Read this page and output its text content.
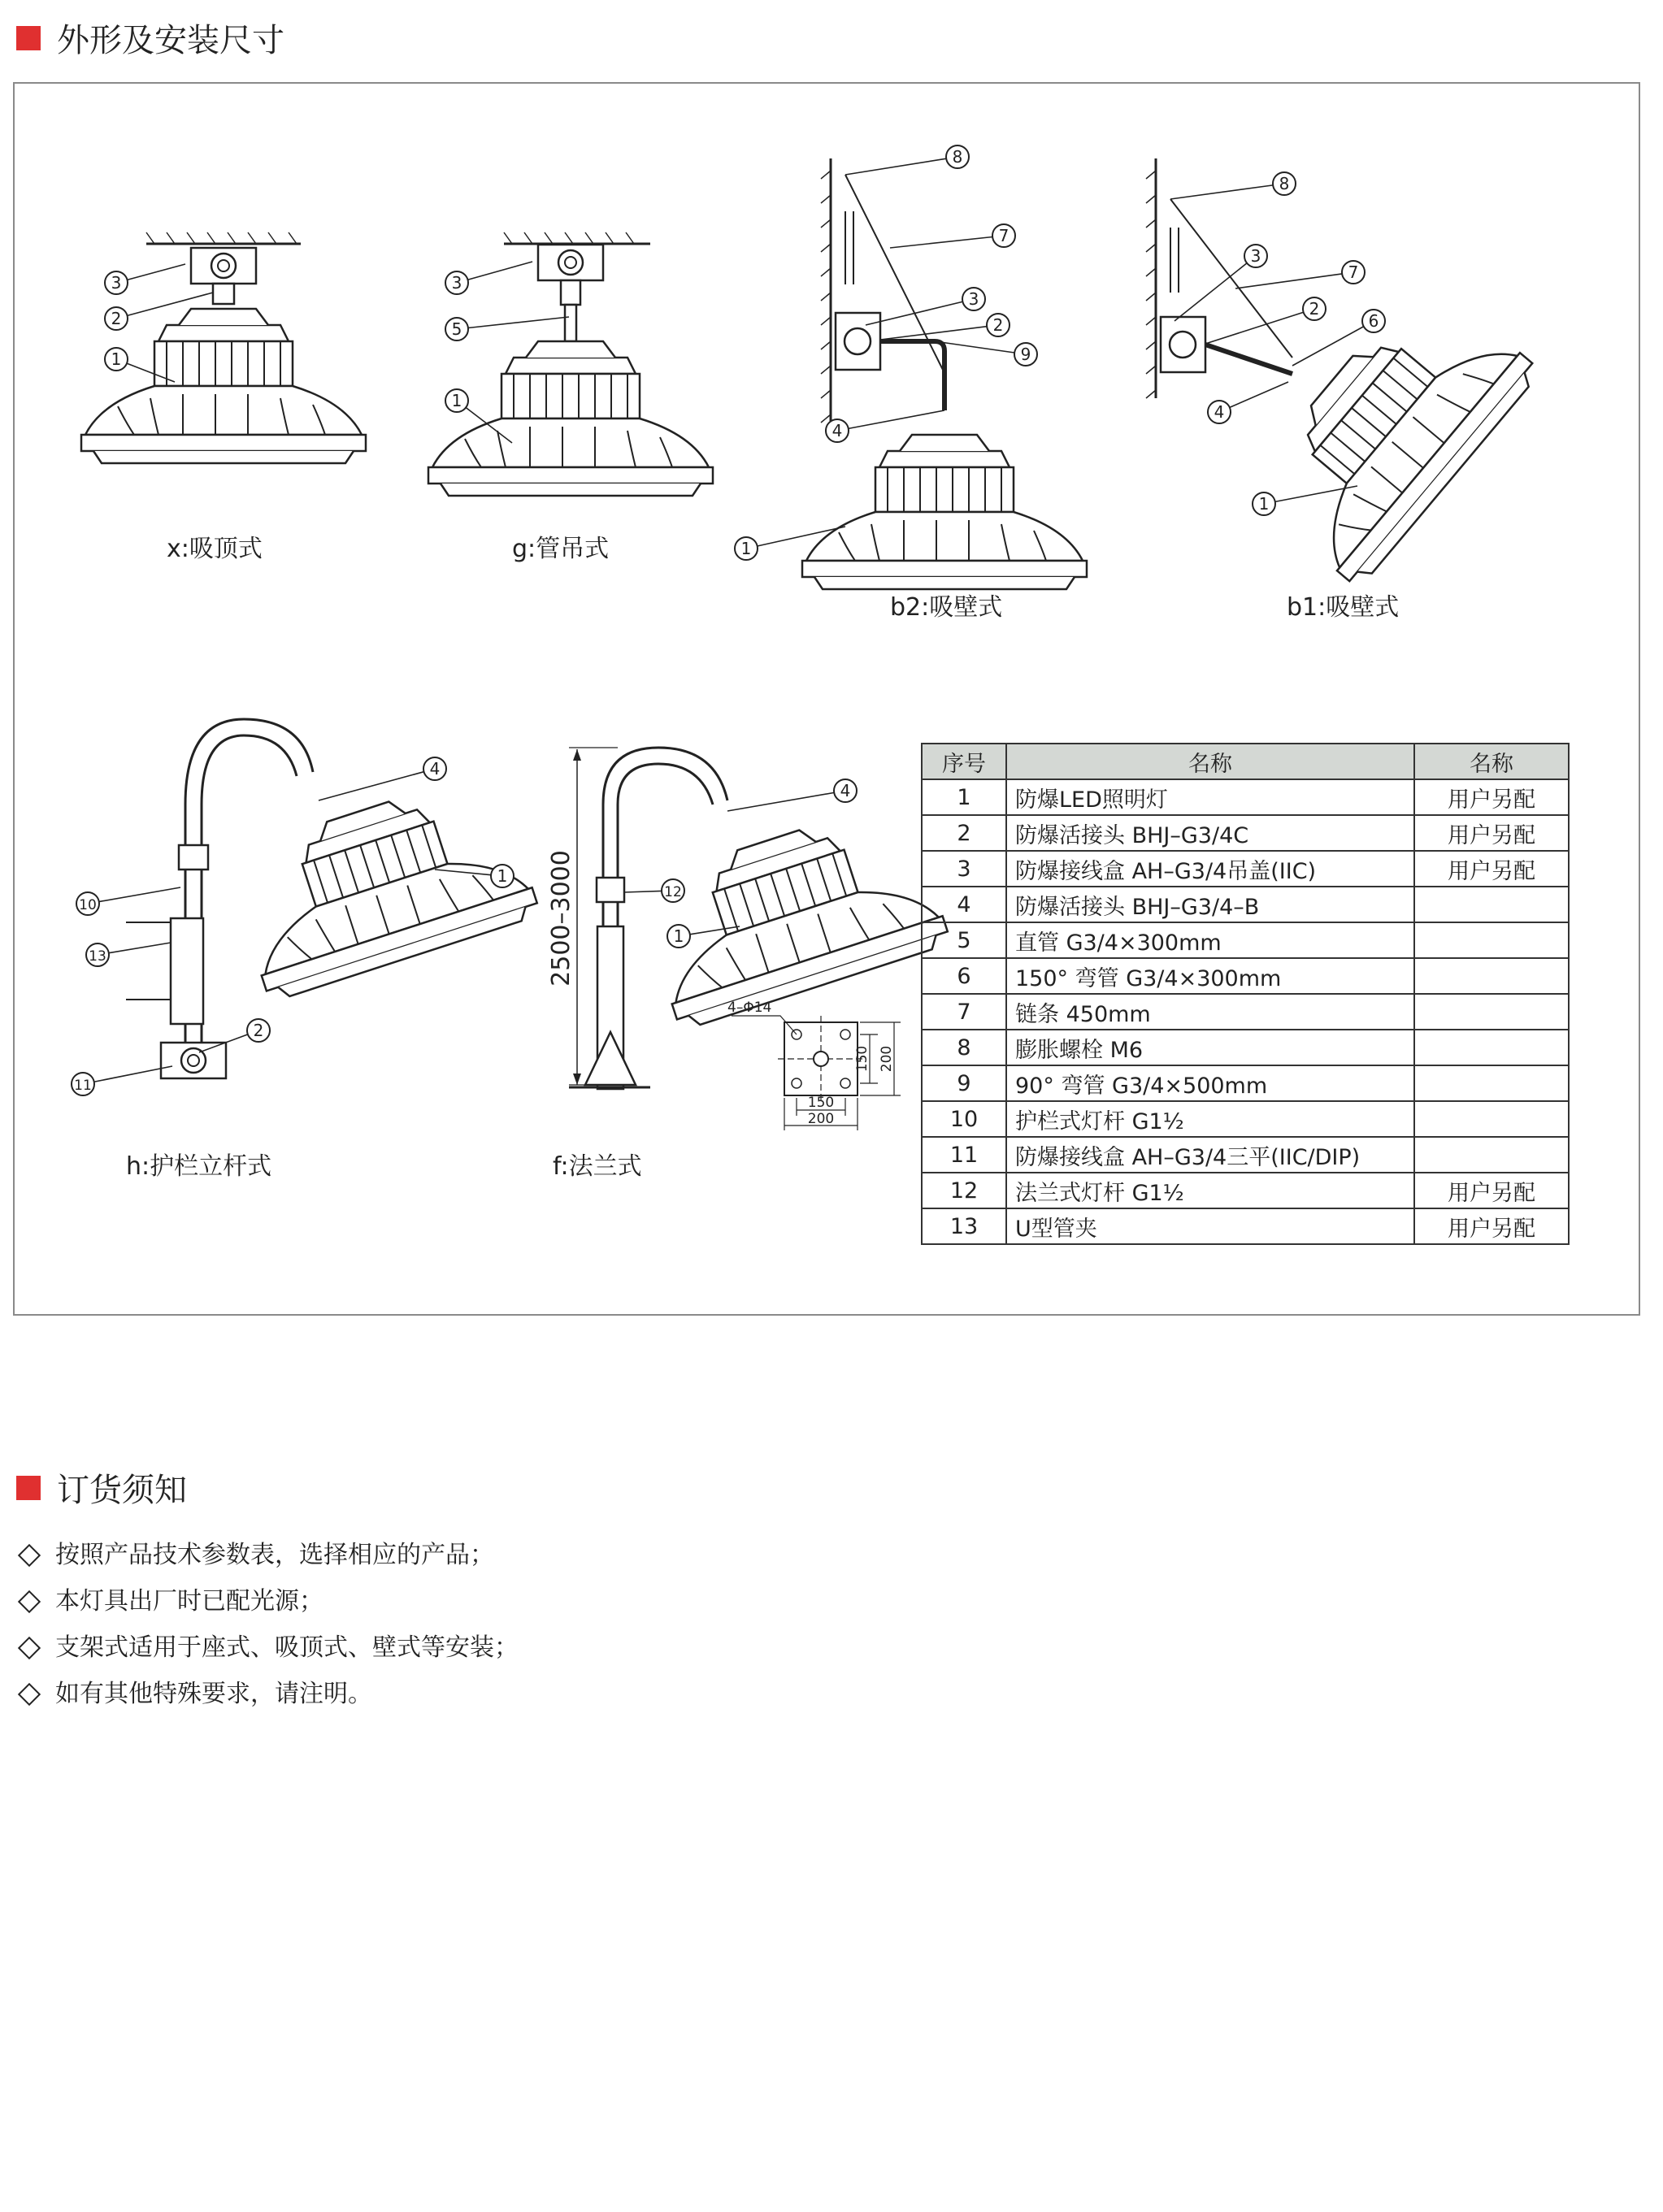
外形及安装尺寸
2500–3000
4–Φ14
150 200
150
200
3
2
1
3
5
1
8
7
3
2
9
4
1
8
3
7
2
6
4
1
4
1
10
13
2
11
4
12
1
x:吸顶式	g:管吊式
b2:吸壁式	b1:吸壁式
h:护栏立杆式	f:法兰式
序号	名称	名称
1	防爆LED照明灯	用户另配
2	防爆活接头 BHJ–G3/4C	用户另配
3	防爆接线盒 AH–G3/4吊盖(IIC)	用户另配
4	防爆活接头 BHJ–G3/4–B	
5	直管 G3/4×300mm	
6	150° 弯管 G3/4×300mm	
7	链条 450mm	
8	膨胀螺栓 M6	
9	90° 弯管 G3/4×500mm	
10	护栏式灯杆 G1½	
11	防爆接线盒 AH–G3/4三平(IIC/DIP)	
12	法兰式灯杆 G1½	用户另配
13	U型管夹	用户另配
订货须知
按照产品技术参数表，选择相应的产品；
本灯具出厂时已配光源；
支架式适用于座式、吸顶式、壁式等安装；
如有其他特殊要求，请注明。
